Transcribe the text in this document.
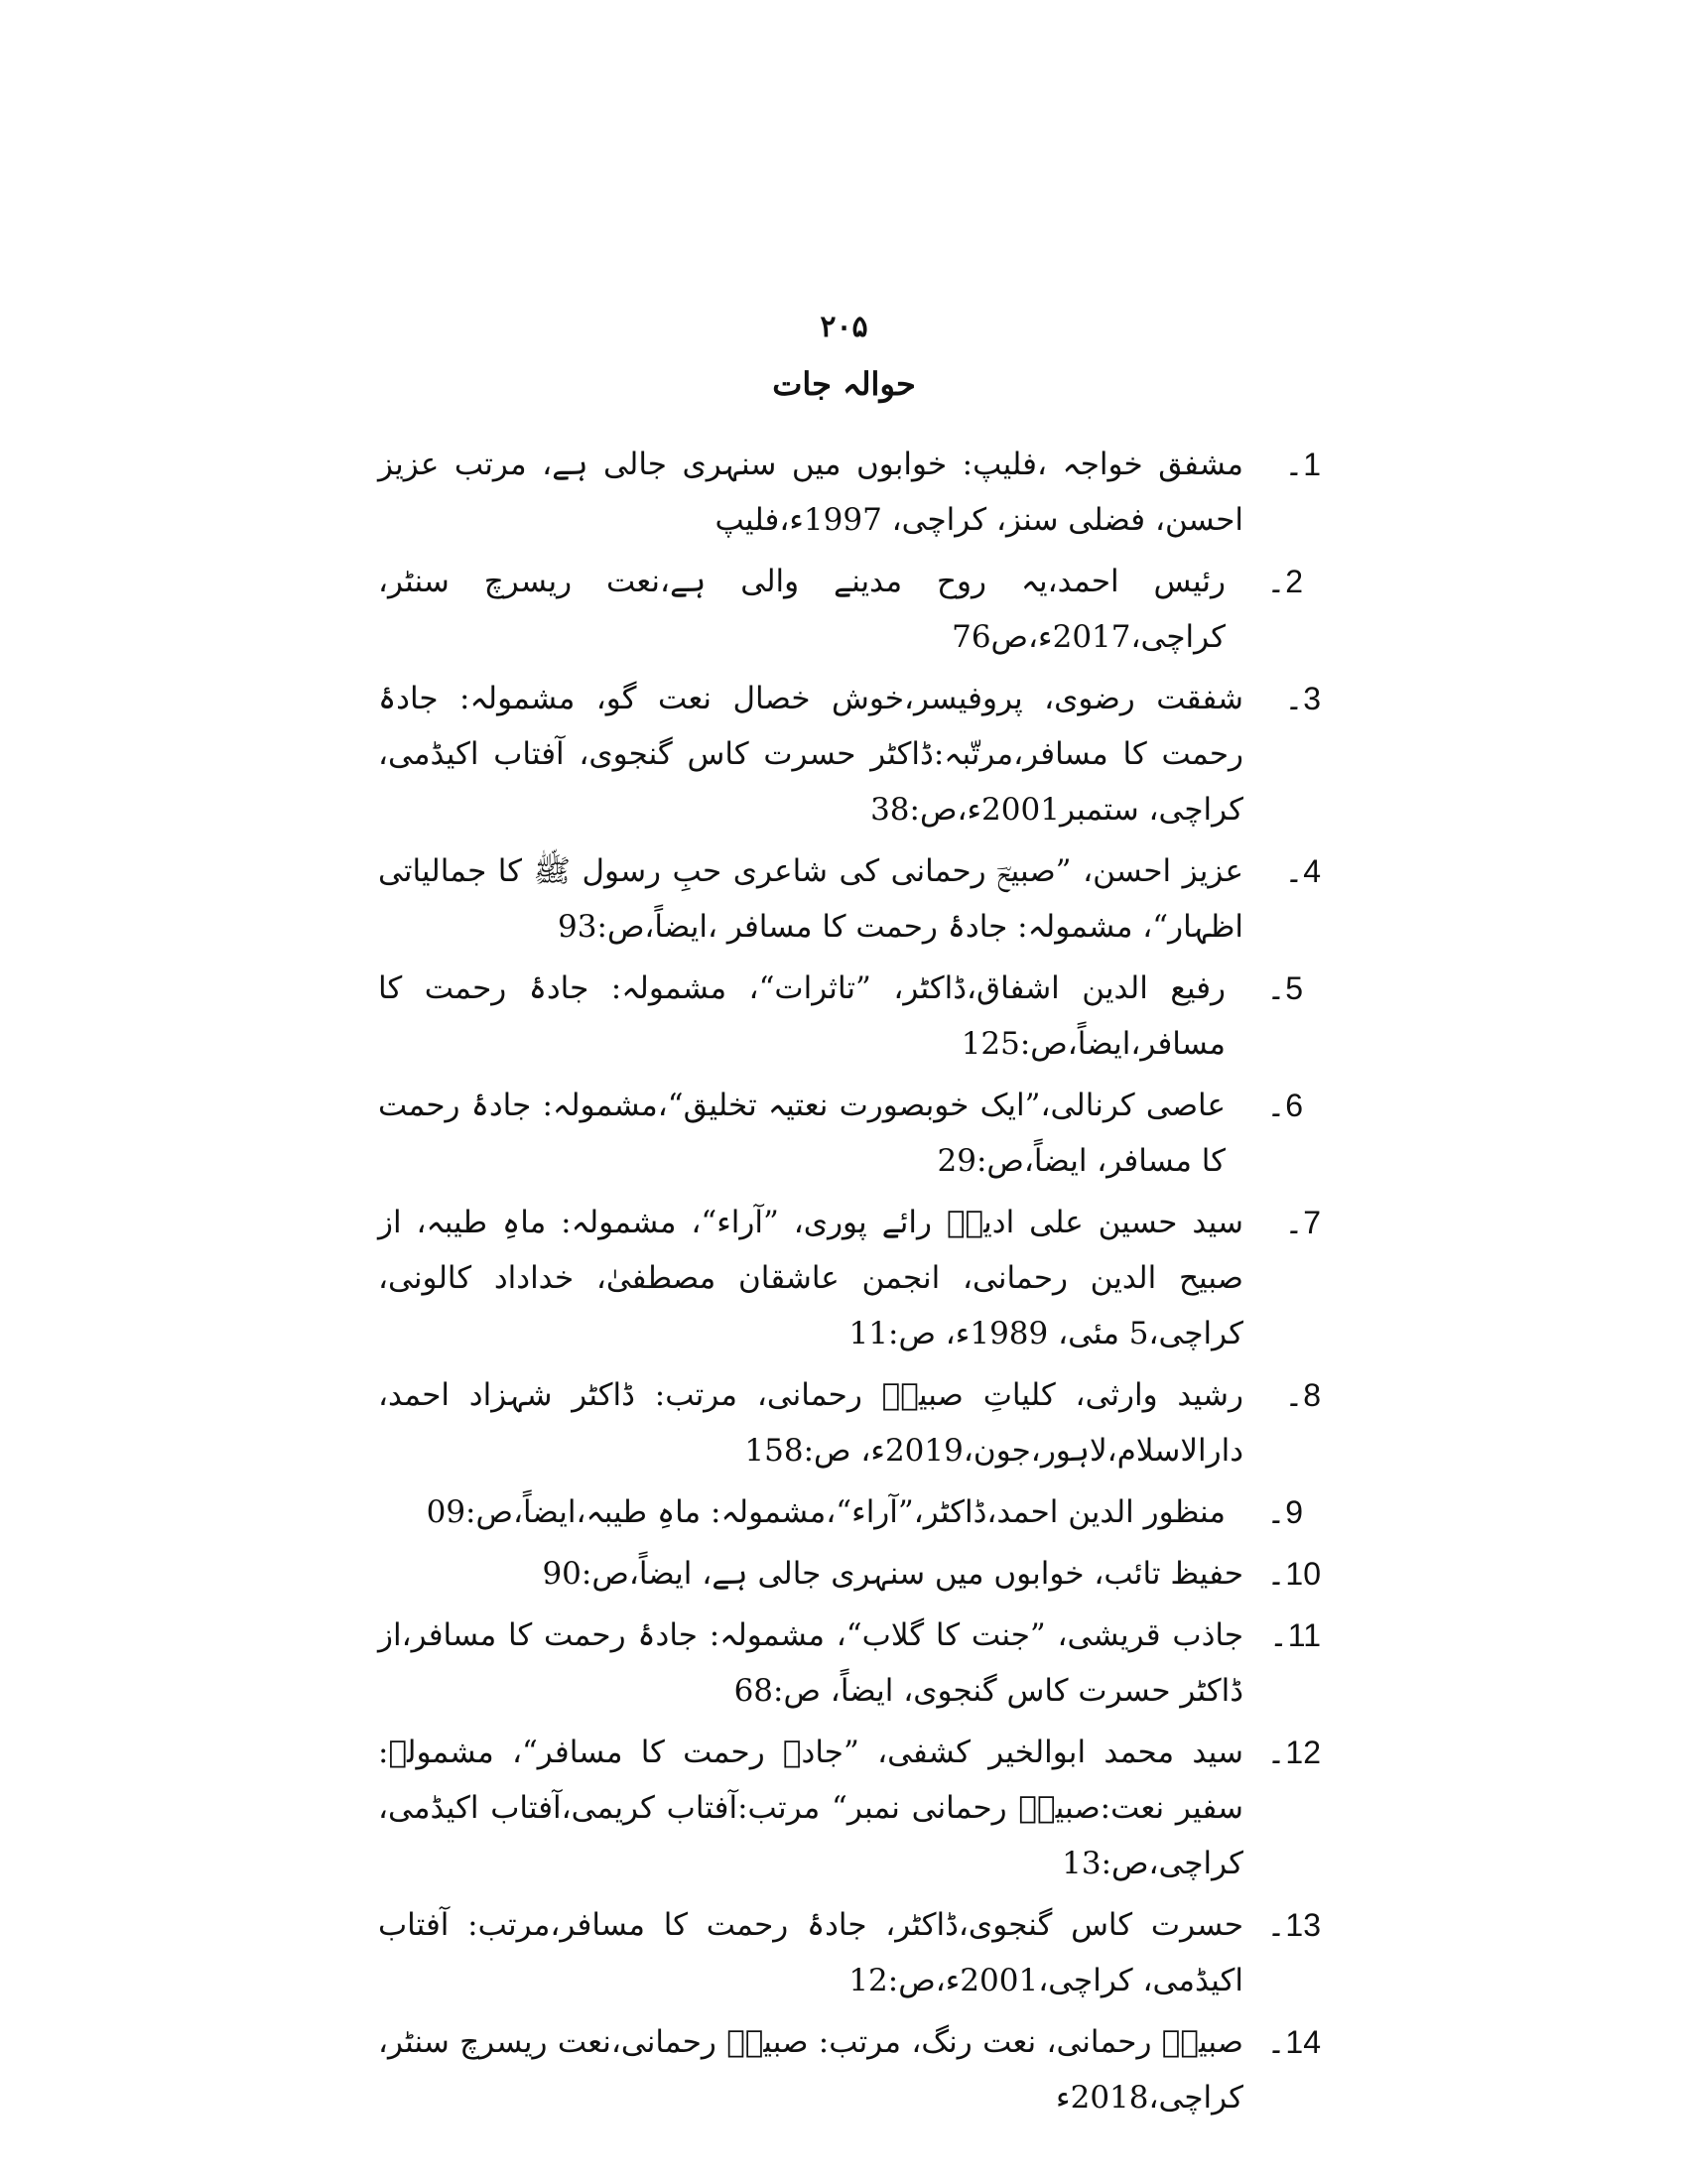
۲۰۵
حوالہ جات
1۔
مشفق خواجہ ،فلیپ: خوابوں میں سنہری جالی ہے، مرتب عزیز احسن، فضلی سنز، کراچی، 1997ء،فلیپ
2۔
رئیس احمد،یہ روح مدینے والی ہے،نعت ریسرچ سنٹر، کراچی،2017ء،ص76
3۔
شفقت رضوی، پروفیسر،خوش خصال نعت گو، مشمولہ: جادۂ رحمت کا مسافر،مرتّبہ:ڈاکٹر حسرت کاس گنجوی، آفتاب اکیڈمی، کراچی، ستمبر2001ء،ص:38
4۔
عزیز احسن، ”صبیحؔ رحمانی کی شاعری حبِ رسول ﷺ کا جمالیاتی اظہار“، مشمولہ: جادۂ رحمت کا مسافر ،ایضاً،ص:93
5۔
رفیع الدین اشفاق،ڈاکٹر، ”تاثرات“، مشمولہ: جادۂ رحمت کا مسافر،ایضاً،ص:125
6۔
عاصی کرنالی،”ایک خوبصورت نعتیہ تخلیق“،مشمولہ: جادۂ رحمت کا مسافر، ایضاً،ص:29
7۔
سید حسین علی ادیبؔ رائے پوری، ”آراء“، مشمولہ: ماہِ طیبہ، از صبیح الدین رحمانی، انجمن عاشقان مصطفیٰ، خداداد کالونی، کراچی،5 مئی، 1989ء، ص:11
8۔
رشید وارثی، کلیاتِ صبیحؔ رحمانی، مرتب: ڈاکٹر شہزاد احمد، دارالاسلام،لاہور،جون،2019ء، ص:158
9۔
منظور الدین احمد،ڈاکٹر،”آراء“،مشمولہ: ماہِ طیبہ،ایضاً،ص:09
10۔
حفیظ تائب، خوابوں میں سنہری جالی ہے، ایضاً،ص:90
11۔
جاذب قریشی، ”جنت کا گلاب“، مشمولہ: جادۂ رحمت کا مسافر،از ڈاکٹر حسرت کاس گنجوی، ایضاً، ص:68
12۔
سید محمد ابوالخیر کشفی، ”جادۂ رحمت کا مسافر“، مشمولہ: سفیر نعت:صبیحؔ رحمانی نمبر“ مرتب:آفتاب کریمی،آفتاب اکیڈمی، کراچی،ص:13
13۔
حسرت کاس گنجوی،ڈاکٹر، جادۂ رحمت کا مسافر،مرتب: آفتاب اکیڈمی، کراچی،2001ء،ص:12
14۔
صبیحؔ رحمانی، نعت رنگ، مرتب: صبیحؔ رحمانی،نعت ریسرچ سنٹر، کراچی،2018ء
